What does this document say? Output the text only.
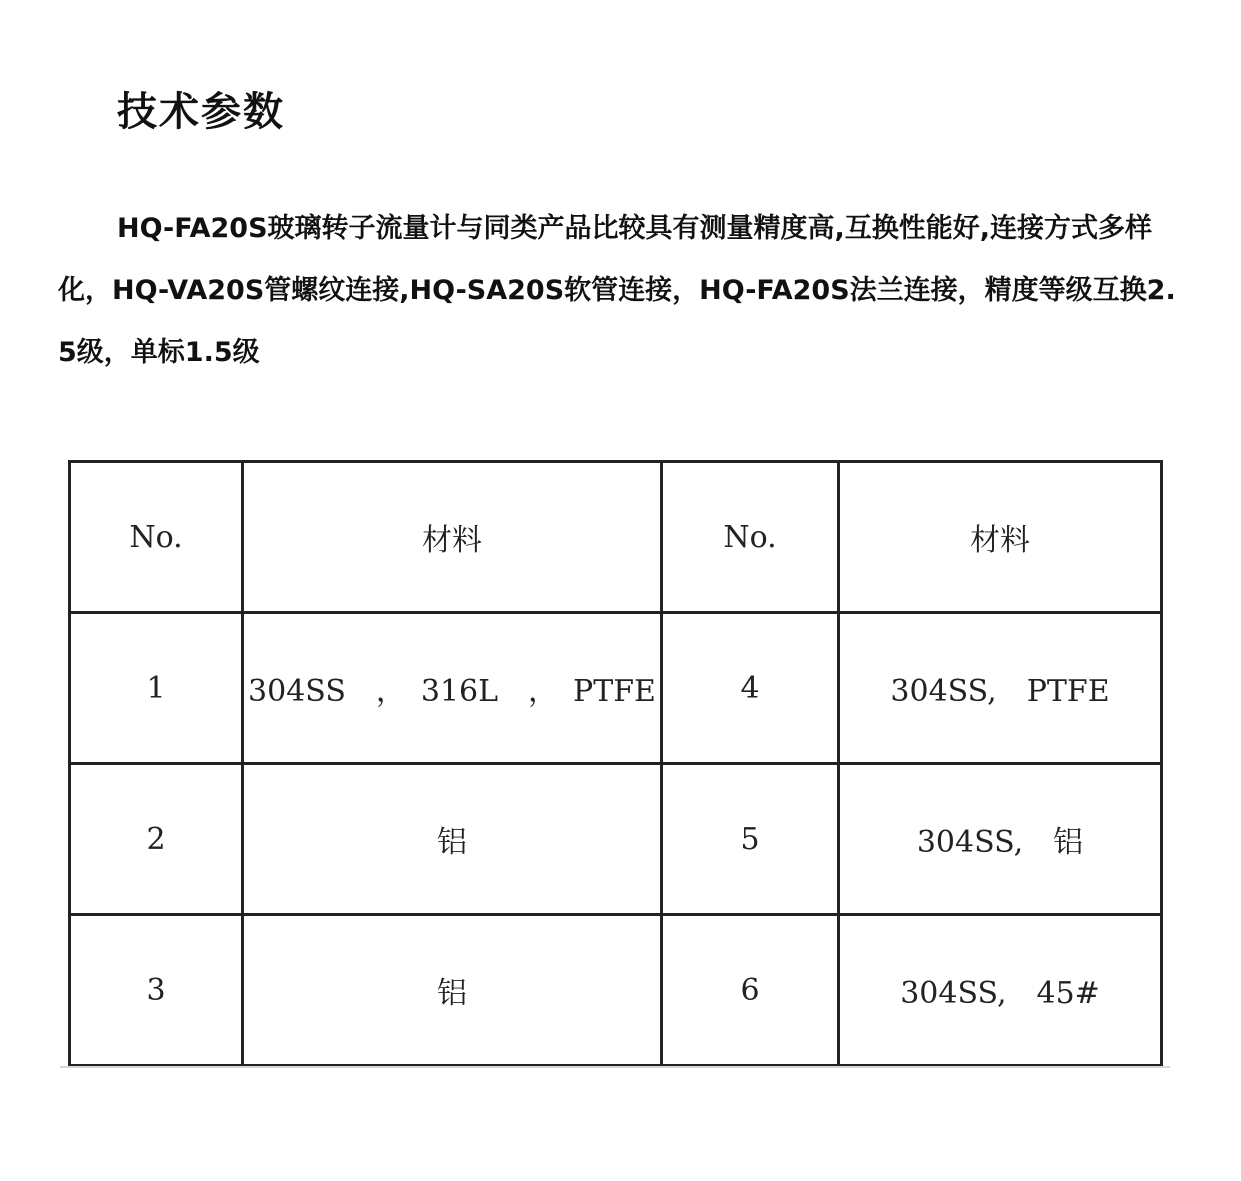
技术参数

HQ-FA20S玻璃转子流量计与同类产品比较具有测量精度高,互换性能好,连接方式多样化，HQ-VA20S管螺纹连接,HQ-SA20S软管连接，HQ-FA20S法兰连接，精度等级互换2.5级，单标1.5级

No.	材料	No.	材料
1	304SS　，　316L　，　PTFE	4	304SS,　PTFE
2	铝	5	304SS,　铝
3	铝	6	304SS,　45#
